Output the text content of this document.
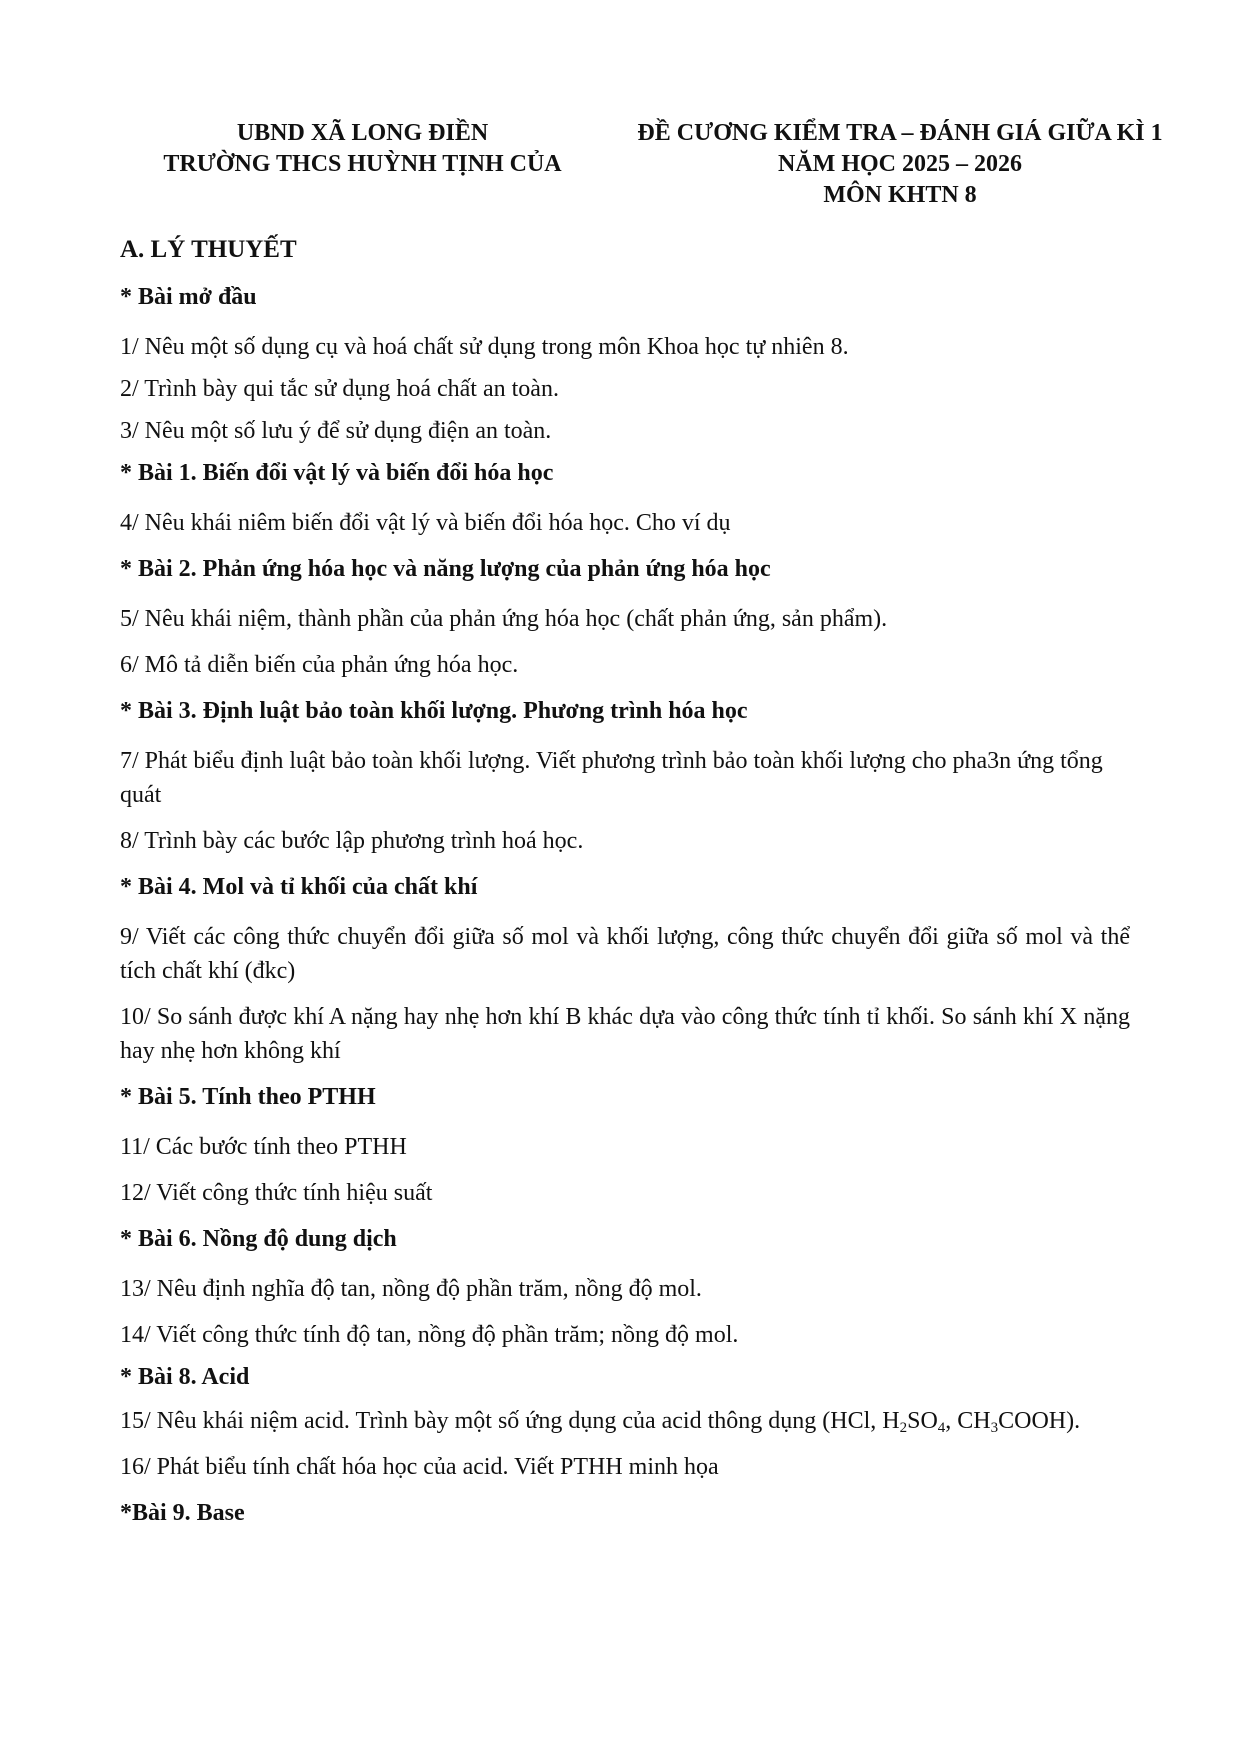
UBND XÃ LONG ĐIỀN
TRƯỜNG THCS HUỲNH TỊNH CỦA
ĐỀ CƯƠNG KIỂM TRA – ĐÁNH GIÁ GIỮA KÌ 1
NĂM HỌC 2025 – 2026
MÔN KHTN 8
A. LÝ THUYẾT
* Bài mở đầu
1/ Nêu một số dụng cụ và hoá chất sử dụng trong môn Khoa học tự nhiên 8.
2/ Trình bày qui tắc sử dụng hoá chất an toàn.
3/ Nêu một số lưu ý để sử dụng điện an toàn.
* Bài 1. Biến đổi vật lý và biến đổi hóa học
4/ Nêu khái niêm biến đổi vật lý và biến đổi hóa học. Cho ví dụ
* Bài 2. Phản ứng hóa học và năng lượng của phản ứng hóa học
5/ Nêu khái niệm, thành phần của phản ứng hóa học (chất phản ứng, sản phẩm).
6/ Mô tả diễn biến của phản ứng hóa học.
* Bài 3. Định luật bảo toàn khối lượng. Phương trình hóa học
7/ Phát biểu định luật bảo toàn khối lượng. Viết phương trình bảo toàn khối lượng cho pha3n ứng tổng quát
8/ Trình bày các bước lập phương trình hoá học.
* Bài 4. Mol và tỉ khối của chất khí
9/ Viết các công thức chuyển đổi giữa số mol và khối lượng, công thức chuyển đổi giữa số mol và thể tích chất khí (đkc)
10/ So sánh được khí A nặng hay nhẹ hơn khí B khác dựa vào công thức tính tỉ khối. So sánh khí X nặng hay nhẹ hơn không khí
* Bài 5. Tính theo PTHH
11/ Các bước tính theo PTHH
12/ Viết công thức tính hiệu suất
* Bài 6. Nồng độ dung dịch
13/ Nêu định nghĩa độ tan, nồng độ phần trăm, nồng độ mol.
14/ Viết công thức tính độ tan, nồng độ phần trăm; nồng độ mol.
* Bài 8. Acid
15/ Nêu khái niệm acid. Trình bày một số ứng dụng của acid thông dụng (HCl, $H_2SO_4$, $CH_3COOH$).
16/ Phát biểu tính chất hóa học của acid. Viết PTHH minh họa
*Bài 9. Base
